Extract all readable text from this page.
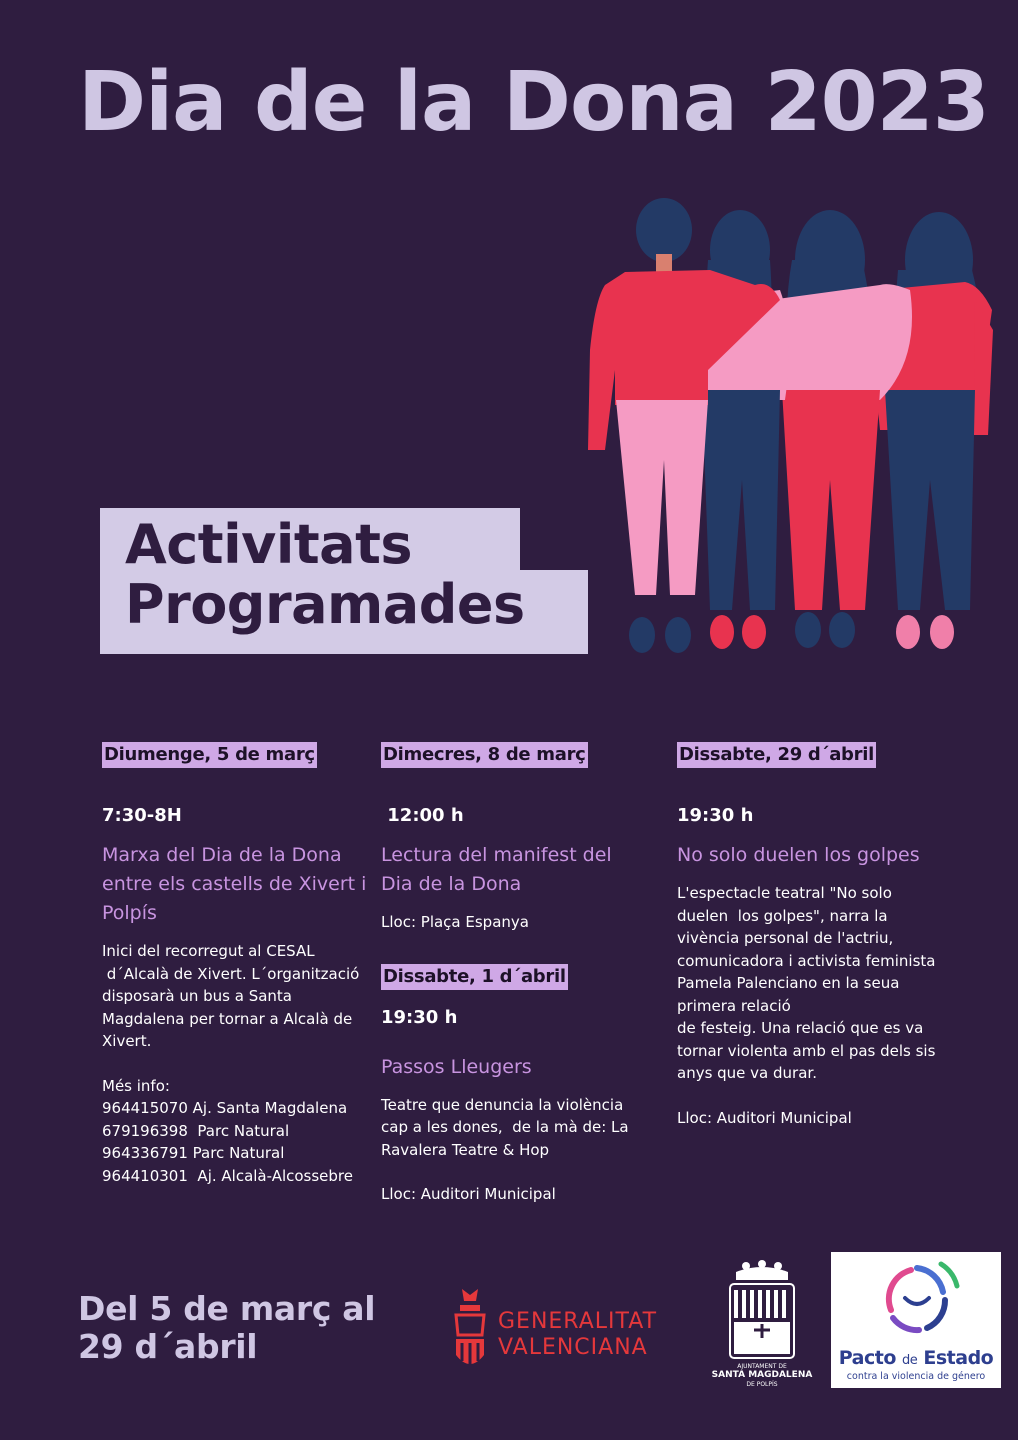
Dia de la Dona 2023
Activitats
Programades
Diumenge, 5 de març
7:30-8H
Marxa del Dia de la Dona entre els castells de Xivert i Polpís

Inici del recorregut al CESAL

d´Alcalà de Xivert. L´organització

disposarà un bus a Santa

Magdalena per tornar a Alcalà de

Xivert.

Més info:

964415070 Aj. Santa Magdalena

679196398  Parc Natural

964336791 Parc Natural

964410301  Aj. Alcalà-Alcossebre

Dimecres, 8 de març
12:00 h
Lectura del manifest del Dia de la Dona
Lloc: Plaça Espanya
Dissabte, 1 d´abril
19:30 h
Passos Lleugers

Teatre que denuncia la violència

cap a les dones,  de la mà de: La

Ravalera Teatre & Hop

Lloc: Auditori Municipal

Dissabte, 29 d´abril
19:30 h
No solo duelen los golpes

L'espectacle teatral "No solo

duelen  los golpes", narra la

vivència personal de l'actriu,

comunicadora i activista feminista

Pamela Palenciano en la seua

primera relació

de festeig. Una relació que es va

tornar violenta amb el pas dels sis

anys que va durar.

Lloc: Auditori Municipal

Del 5 de març al
29 d´abril
GENERALITAT
VALENCIANA
AJUNTAMENT DE
SANTA MAGDALENA
DE POLPÍS
Pacto de Estado
contra la violencia de género
